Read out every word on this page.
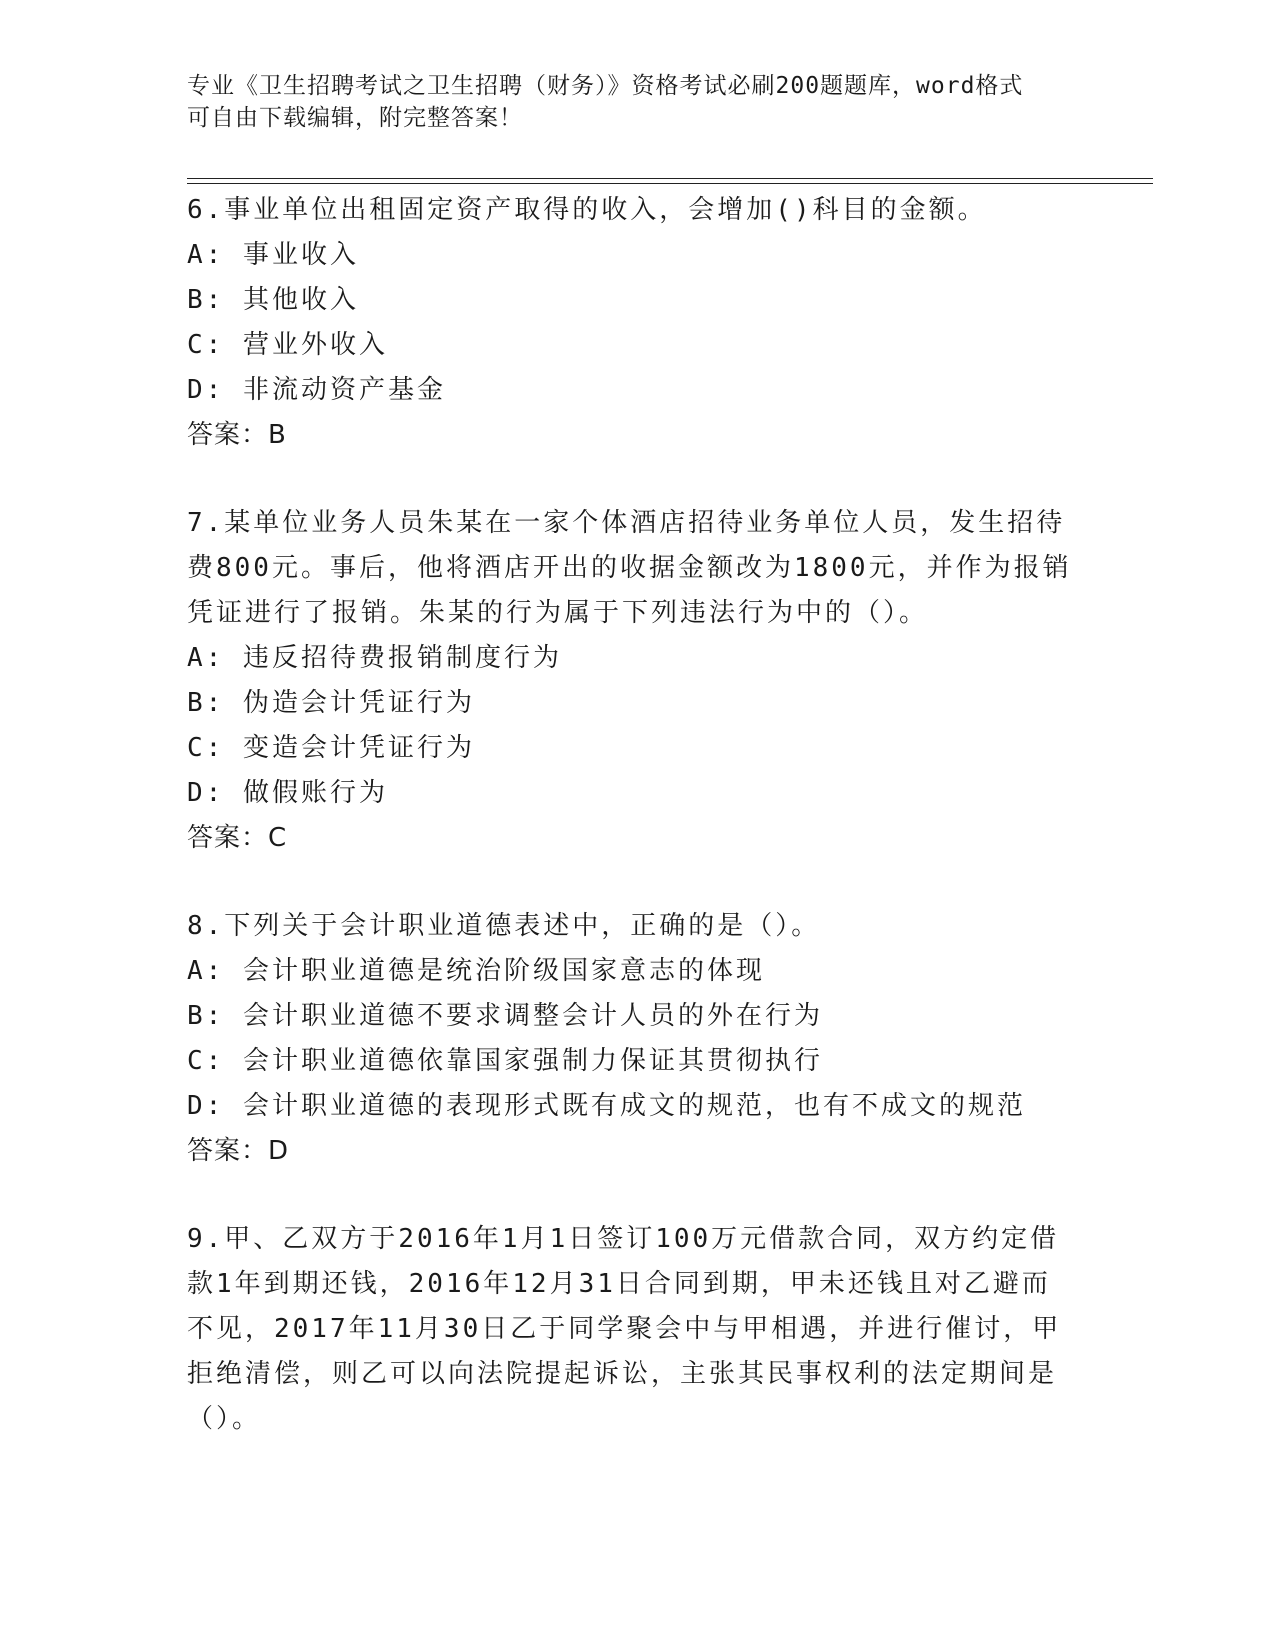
专业《卫生招聘考试之卫生招聘（财务）》资格考试必刷200题题库，word格式
可自由下载编辑，附完整答案！

6.事业单位出租固定资产取得的收入，会增加()科目的金额。

A: 事业收入

B: 其他收入

C: 营业外收入

D: 非流动资产基金

答案：B

7.某单位业务人员朱某在一家个体酒店招待业务单位人员，发生招待

费800元。事后，他将酒店开出的收据金额改为1800元，并作为报销

凭证进行了报销。朱某的行为属于下列违法行为中的（）。

A: 违反招待费报销制度行为

B: 伪造会计凭证行为

C: 变造会计凭证行为

D: 做假账行为

答案：C

8.下列关于会计职业道德表述中，正确的是（）。

A: 会计职业道德是统治阶级国家意志的体现

B: 会计职业道德不要求调整会计人员的外在行为

C: 会计职业道德依靠国家强制力保证其贯彻执行

D: 会计职业道德的表现形式既有成文的规范，也有不成文的规范

答案：D

9.甲、乙双方于2016年1月1日签订100万元借款合同，双方约定借

款1年到期还钱，2016年12月31日合同到期，甲未还钱且对乙避而

不见，2017年11月30日乙于同学聚会中与甲相遇，并进行催讨，甲

拒绝清偿，则乙可以向法院提起诉讼，主张其民事权利的法定期间是

（）。
